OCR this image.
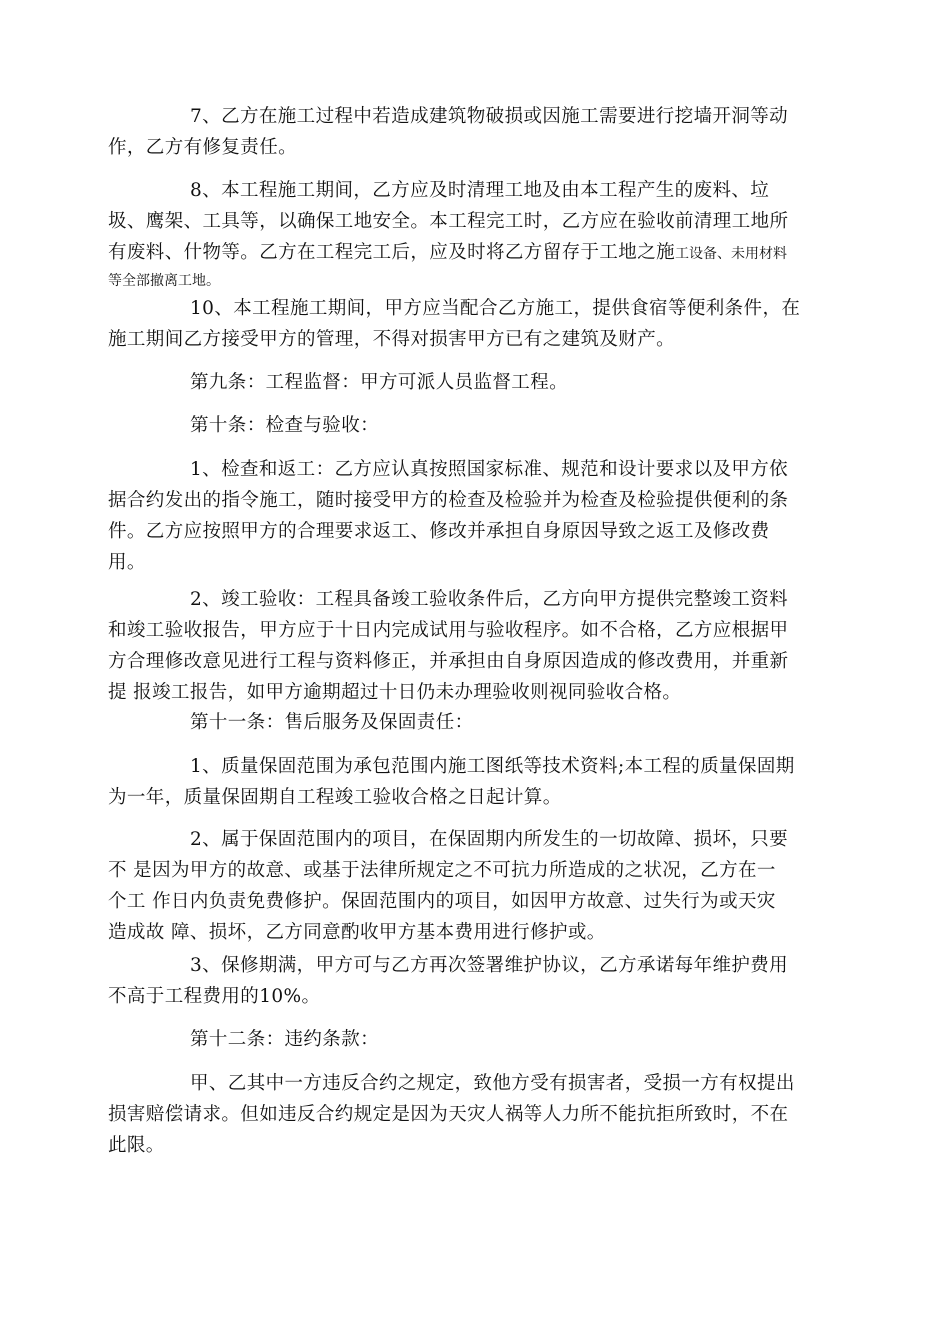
7、乙方在施工过程中若造成建筑物破损或因施工需要进行挖墙开洞等动
作，乙方有修复责任。

8、本工程施工期间，乙方应及时清理工地及由本工程产生的废料、垃
圾、鹰架、工具等，以确保工地安全。本工程完工时，乙方应在验收前清理工地所
有废料、什物等。乙方在工程完工后，应及时将乙方留存于工地之施工设备、未用材料
等全部撤离工地。

10、本工程施工期间，甲方应当配合乙方施工，提供食宿等便利条件，在
施工期间乙方接受甲方的管理，不得对损害甲方已有之建筑及财产。

第九条：工程监督：甲方可派人员监督工程。

第十条：检查与验收：

1、检查和返工：乙方应认真按照国家标准、规范和设计要求以及甲方依
据合约发出的指令施工，随时接受甲方的检查及检验并为检查及检验提供便利的条
件。乙方应按照甲方的合理要求返工、修改并承担自身原因导致之返工及修改费
用。

2、竣工验收：工程具备竣工验收条件后，乙方向甲方提供完整竣工资料
和竣工验收报告，甲方应于十日内完成试用与验收程序。如不合格，乙方应根据甲
方合理修改意见进行工程与资料修正，并承担由自身原因造成的修改费用，并重新
提 报竣工报告，如甲方逾期超过十日仍未办理验收则视同验收合格。

第十一条：售后服务及保固责任：

1、质量保固范围为承包范围内施工图纸等技术资料;本工程的质量保固期
为一年，质量保固期自工程竣工验收合格之日起计算。

2、属于保固范围内的项目，在保固期内所发生的一切故障、损坏，只要
不 是因为甲方的故意、或基于法律所规定之不可抗力所造成的之状况，乙方在一
个工 作日内负责免费修护。保固范围内的项目，如因甲方故意、过失行为或天灾
造成故 障、损坏，乙方同意酌收甲方基本费用进行修护或。

3、保修期满，甲方可与乙方再次签署维护协议，乙方承诺每年维护费用
不高于工程费用的10%。

第十二条：违约条款：

甲、乙其中一方违反合约之规定，致他方受有损害者，受损一方有权提出
损害赔偿请求。但如违反合约规定是因为天灾人祸等人力所不能抗拒所致时，不在
此限。
